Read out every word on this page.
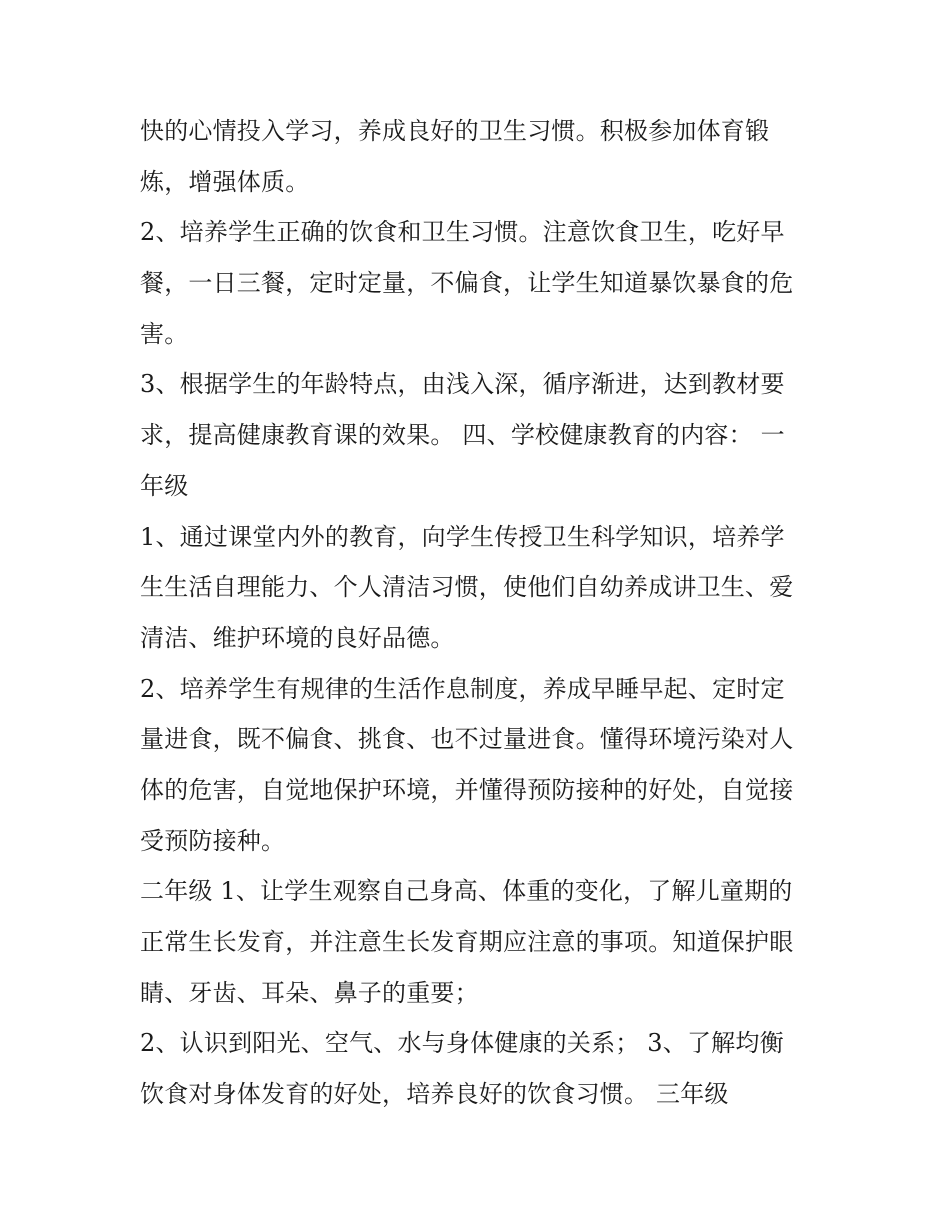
快的心情投入学习，养成良好的卫生习惯。积极参加体育锻
炼，增强体质。
2、培养学生正确的饮食和卫生习惯。注意饮食卫生，吃好早
餐，一日三餐，定时定量，不偏食，让学生知道暴饮暴食的危
害。
3、根据学生的年龄特点，由浅入深，循序渐进，达到教材要
求，提高健康教育课的效果。 四、学校健康教育的内容： 一
年级
1、通过课堂内外的教育，向学生传授卫生科学知识，培养学
生生活自理能力、个人清洁习惯，使他们自幼养成讲卫生、爱
清洁、维护环境的良好品德。
2、培养学生有规律的生活作息制度，养成早睡早起、定时定
量进食，既不偏食、挑食、也不过量进食。懂得环境污染对人
体的危害，自觉地保护环境，并懂得预防接种的好处，自觉接
受预防接种。
二年级 1、让学生观察自己身高、体重的变化，了解儿童期的
正常生长发育，并注意生长发育期应注意的事项。知道保护眼
睛、牙齿、耳朵、鼻子的重要；
2、认识到阳光、空气、水与身体健康的关系； 3、了解均衡
饮食对身体发育的好处，培养良好的饮食习惯。 三年级
